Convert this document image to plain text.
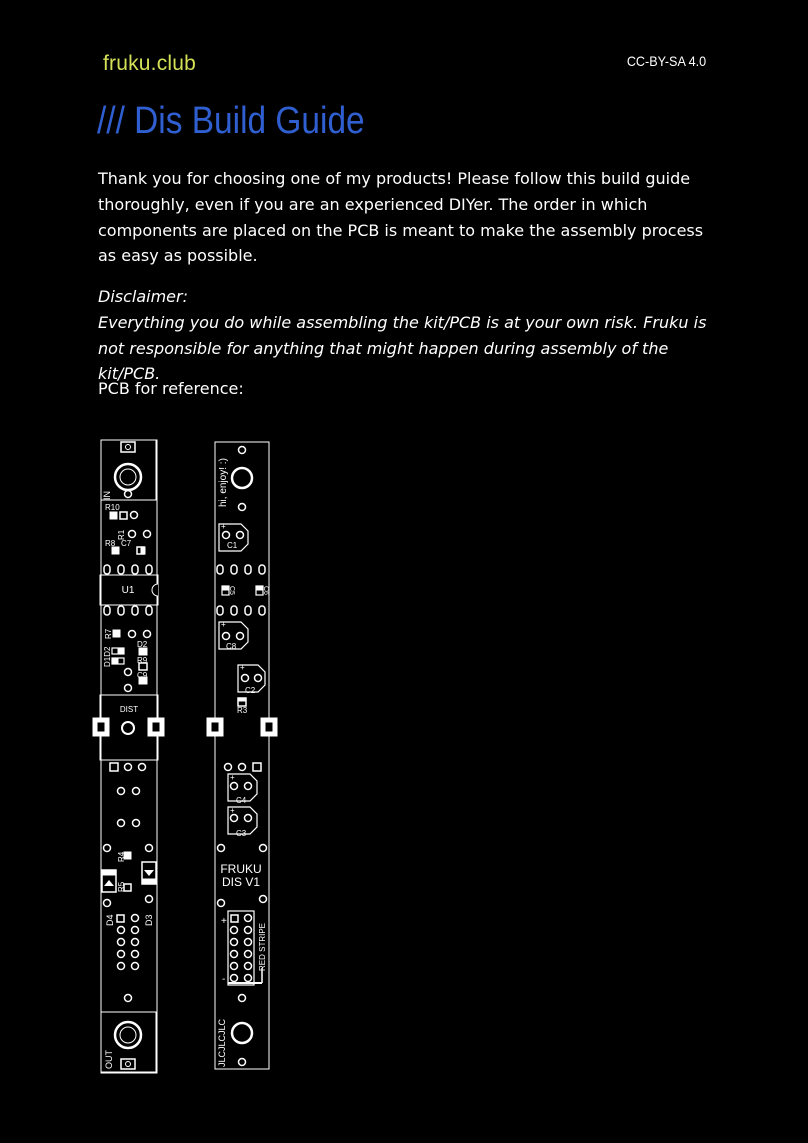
fruku.club	CC-BY-SA 4.0
/// Dis Build Guide
Thank you for choosing one of my products! Please follow this build guide thoroughly, even if you are an experienced DIYer. The order in which components are placed on the PCB is meant to make the assembly process as easy as possible.
Disclaimer:
Everything you do while assembling the kit/PCB is at your own risk. Fruku is not responsible for anything that might happen during assembly of the kit/PCB.
PCB for reference:
IN
R10
R1
R8 C7
U1
R7
D1D2
D2
R9
C9
DIST
R4
R5
D4	D3
OUT
hi, enjoy! :)
+
C1
C5	C6
+
C8
+
C2
R3
+
C4
+
C3
FRUKU
DIS V1
+
RED STRIPE
-
JLCJLCJLC
